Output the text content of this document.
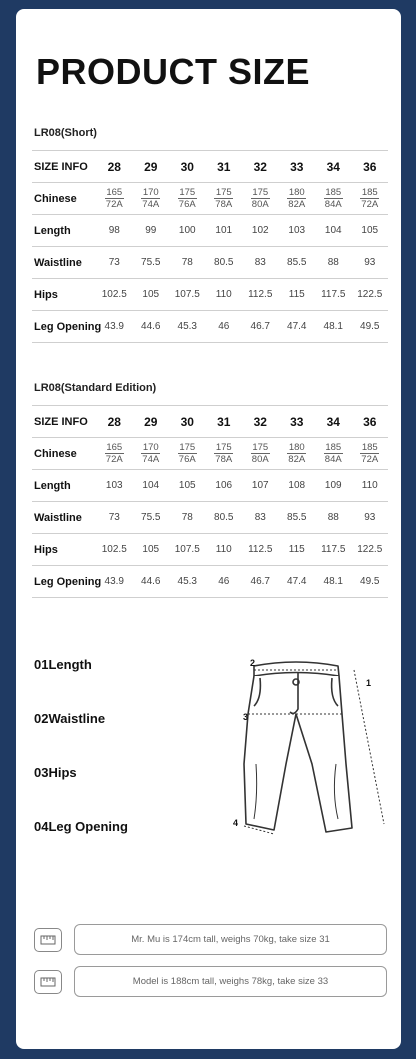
PRODUCT SIZE
LR08(Short)
SIZE INFO	28	29	30	31	32	33	34	36
Chinese	$\frac{165}{72A}$	$\frac{170}{74A}$	$\frac{175}{76A}$	$\frac{175}{78A}$	$\frac{175}{80A}$	$\frac{180}{82A}$	$\frac{185}{84A}$	$\frac{185}{72A}$

Length	98	99	100	101	102	103	104	105
Waistline	73	75.5	78	80.5	83	85.5	88	93
Hips	102.5	105	107.5	110	112.5	115	117.5	122.5
Leg Opening	43.9	44.6	45.3	46	46.7	47.4	48.1	49.5
LR08(Standard Edition)
SIZE INFO	28	29	30	31	32	33	34	36
Chinese	$\frac{165}{72A}$	$\frac{170}{74A}$	$\frac{175}{76A}$	$\frac{175}{78A}$	$\frac{175}{80A}$	$\frac{180}{82A}$	$\frac{185}{84A}$	$\frac{185}{72A}$

Length	103	104	105	106	107	108	109	110
Waistline	73	75.5	78	80.5	83	85.5	88	93
Hips	102.5	105	107.5	110	112.5	115	117.5	122.5
Leg Opening	43.9	44.6	45.3	46	46.7	47.4	48.1	49.5
01Length
02Waistline
03Hips
04Leg Opening
1
2
3
4
Mr. Mu is 174cm tall, weighs 70kg, take size 31
Model is 188cm tall, weighs 78kg, take size 33
